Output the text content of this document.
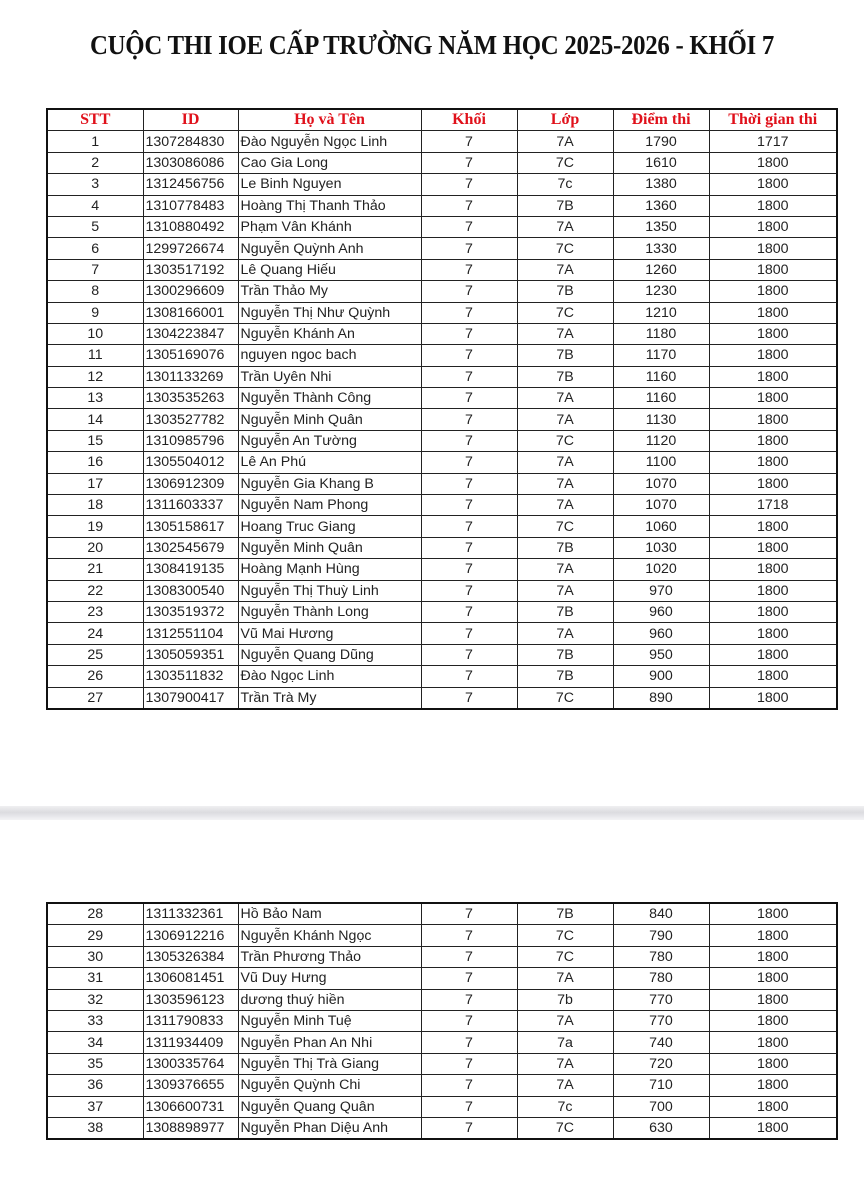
CUỘC THI IOE CẤP TRƯỜNG NĂM HỌC 2025-2026 - KHỐI 7
STT	ID	Họ và Tên	Khối	Lớp	Điểm thi	Thời gian thi
1	1307284830	Đào Nguyễn Ngọc Linh	7	7A	1790	1717
2	1303086086	Cao Gia Long	7	7C	1610	1800
3	1312456756	Le Binh Nguyen	7	7c	1380	1800
4	1310778483	Hoàng Thị Thanh Thảo	7	7B	1360	1800
5	1310880492	Phạm Vân Khánh	7	7A	1350	1800
6	1299726674	Nguyễn Quỳnh Anh	7	7C	1330	1800
7	1303517192	Lê Quang Hiếu	7	7A	1260	1800
8	1300296609	Trần Thảo My	7	7B	1230	1800
9	1308166001	Nguyễn Thị Như Quỳnh	7	7C	1210	1800
10	1304223847	Nguyễn Khánh An	7	7A	1180	1800
11	1305169076	nguyen ngoc bach	7	7B	1170	1800
12	1301133269	Trần Uyên Nhi	7	7B	1160	1800
13	1303535263	Nguyễn Thành Công	7	7A	1160	1800
14	1303527782	Nguyễn Minh Quân	7	7A	1130	1800
15	1310985796	Nguyễn An Tường	7	7C	1120	1800
16	1305504012	Lê An Phú	7	7A	1100	1800
17	1306912309	Nguyễn Gia Khang B	7	7A	1070	1800
18	1311603337	Nguyễn Nam Phong	7	7A	1070	1718
19	1305158617	Hoang Truc Giang	7	7C	1060	1800
20	1302545679	Nguyễn Minh Quân	7	7B	1030	1800
21	1308419135	Hoàng Mạnh Hùng	7	7A	1020	1800
22	1308300540	Nguyễn Thị Thuỳ Linh	7	7A	970	1800
23	1303519372	Nguyễn Thành Long	7	7B	960	1800
24	1312551104	Vũ Mai Hương	7	7A	960	1800
25	1305059351	Nguyễn Quang Dũng	7	7B	950	1800
26	1303511832	Đào Ngọc Linh	7	7B	900	1800
27	1307900417	Trần Trà My	7	7C	890	1800
28	1311332361	Hồ Bảo Nam	7	7B	840	1800
29	1306912216	Nguyễn Khánh Ngọc	7	7C	790	1800
30	1305326384	Trần Phương Thảo	7	7C	780	1800
31	1306081451	Vũ Duy Hưng	7	7A	780	1800
32	1303596123	dương thuý hiền	7	7b	770	1800
33	1311790833	Nguyễn Minh Tuệ	7	7A	770	1800
34	1311934409	Nguyễn Phan An Nhi	7	7a	740	1800
35	1300335764	Nguyễn Thị Trà Giang	7	7A	720	1800
36	1309376655	Nguyễn Quỳnh Chi	7	7A	710	1800
37	1306600731	Nguyễn Quang Quân	7	7c	700	1800
38	1308898977	Nguyễn Phan Diệu Anh	7	7C	630	1800
